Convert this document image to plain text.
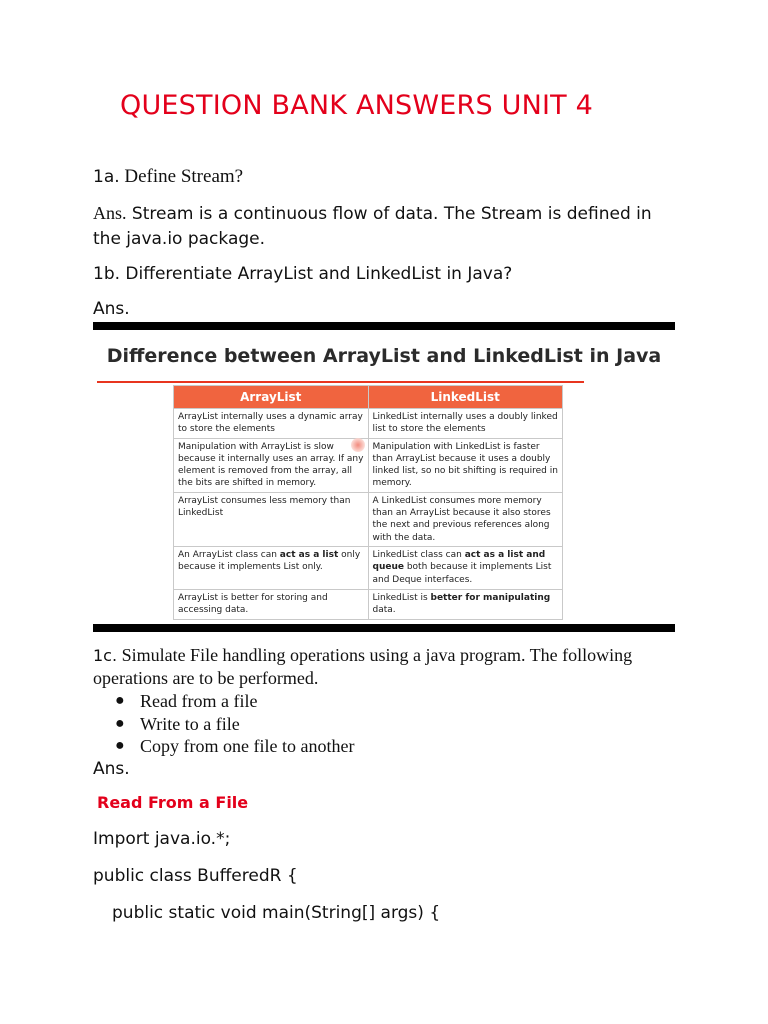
QUESTION BANK ANSWERS UNIT 4
1a. Define Stream?
Ans. Stream is a continuous flow of data. The Stream is defined in the java.io package.
1b. Differentiate ArrayList and LinkedList in Java?
Ans.
Difference between ArrayList and LinkedList in Java
ArrayList	LinkedList
ArrayList internally uses a dynamic array to store the elements	LinkedList internally uses a doubly linked list to store the elements
Manipulation with ArrayList is slow because it internally uses an array. If any element is removed from the array, all the bits are shifted in memory.	Manipulation with LinkedList is faster than ArrayList because it uses a doubly linked list, so no bit shifting is required in memory.
ArrayList consumes less memory than LinkedList	A LinkedList consumes more memory than an ArrayList because it also stores the next and previous references along with the data.
An ArrayList class can act as a list only because it implements List only.	LinkedList class can act as a list and queue both because it implements List and Deque interfaces.
ArrayList is better for storing and accessing data.	LinkedList is better for manipulating data.
1c. Simulate File handling operations using a java program. The following operations are to be performed.
● Read from a file
● Write to a file
● Copy from one file to another
Ans.
Read From a File
Import java.io.*;
public class BufferedR {
public static void main(String[] args) {
